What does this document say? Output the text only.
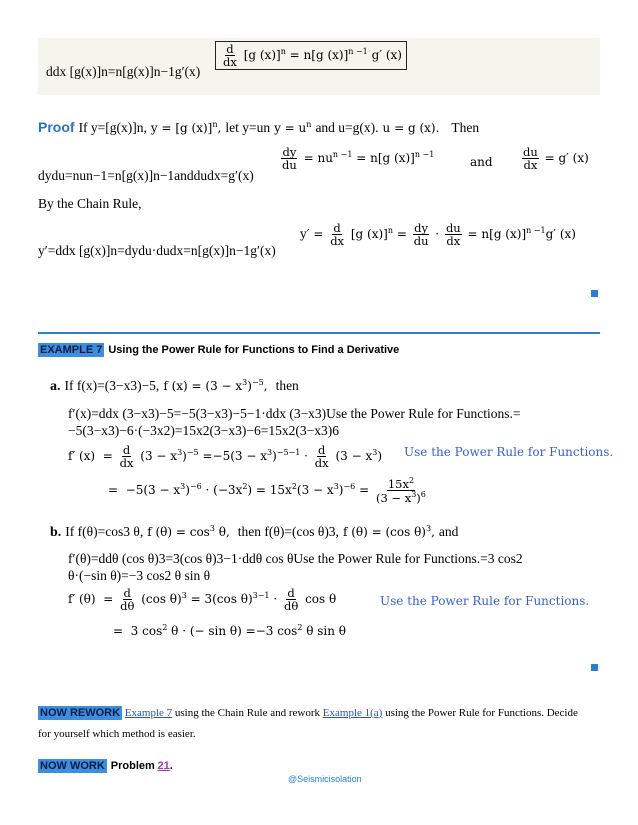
ddx [g(x)]n=n[g(x)]n−1g′(x)
$\frac{d}{dx} [g$ (x)]$^n$ = n[g (x)]$^{n -1}$ g′ (x)
Proof If y=[g(x)]n, y = [g (x)]$^n$, let y=un $y = u^n$ and u=g(x). u = g (x). Then
dydu=nun−1=n[g(x)]n−1anddudx=g′(x)
$\frac{dy}{du} = nu^{n -1} = n[g$ (x)]$^{n -1}$
and	$\frac{du}{dx} = g'$ (x)
By the Chain Rule,
y′=ddx [g(x)]n=dydu·dudx=n[g(x)]n−1g′(x)
$y' = \frac{d}{dx} [g$ $(x)]^n = \frac{dy}{du} \cdot \frac{du}{dx} = n[g$ (x)]$^{n -1}$g′ (x)
EXAMPLE 7 Using the Power Rule for Functions to Find a Derivative
a. If f(x)=(3−x3)−5, f $(x) = (3 - x^3)^{-5}$, then
f′(x)=ddx (3−x3)−5=−5(3−x3)−5−1·ddx (3−x3)Use the Power Rule for Functions.=
−5(3−x3)−6·(−3x2)=15x2(3−x3)−6=15x2(3−x3)6
f′ $(x) = \frac{d}{dx} (3 - x^3)^{-5} =-5(3 - x^3)^{-5-1} \cdot \frac{d}{dx} (3 - x^3)$ Use the Power Rule for Functions.
=  $-5(3 - x^3)^{-6} \cdot (-3x^2) = 15x^2(3 - x^3)^{-6} = \frac{15x^2}{(3 - x^3)^6}$
b. If f(θ)=cos3 θ, f $(\theta) = \cos^3 \theta$, then f(θ)=(cos θ)3, f (θ) = (cos θ)$^3$, and
f′(θ)=ddθ (cos θ)3=3(cos θ)3−1·ddθ cos θUse the Power Rule for Functions.=3 cos2
θ·(−sin θ)=−3 cos2 θ sin θ
f′ $(\theta) = \frac{d}{d\theta} (\cos$ θ)$^3$ = 3(cos $\theta)^{3-1} \cdot \frac{d}{d\theta}$ cos θ	Use the Power Rule for Functions.
=  3 $\cos^2 \theta$ · (− sin θ) =−3 $\cos^2 \theta$ sin θ
NOW REWORK Example 7 using the Chain Rule and rework Example 1(a) using the Power Rule for Functions. Decide
for yourself which method is easier.
NOW WORK Problem 21.
@Seismicisolation
